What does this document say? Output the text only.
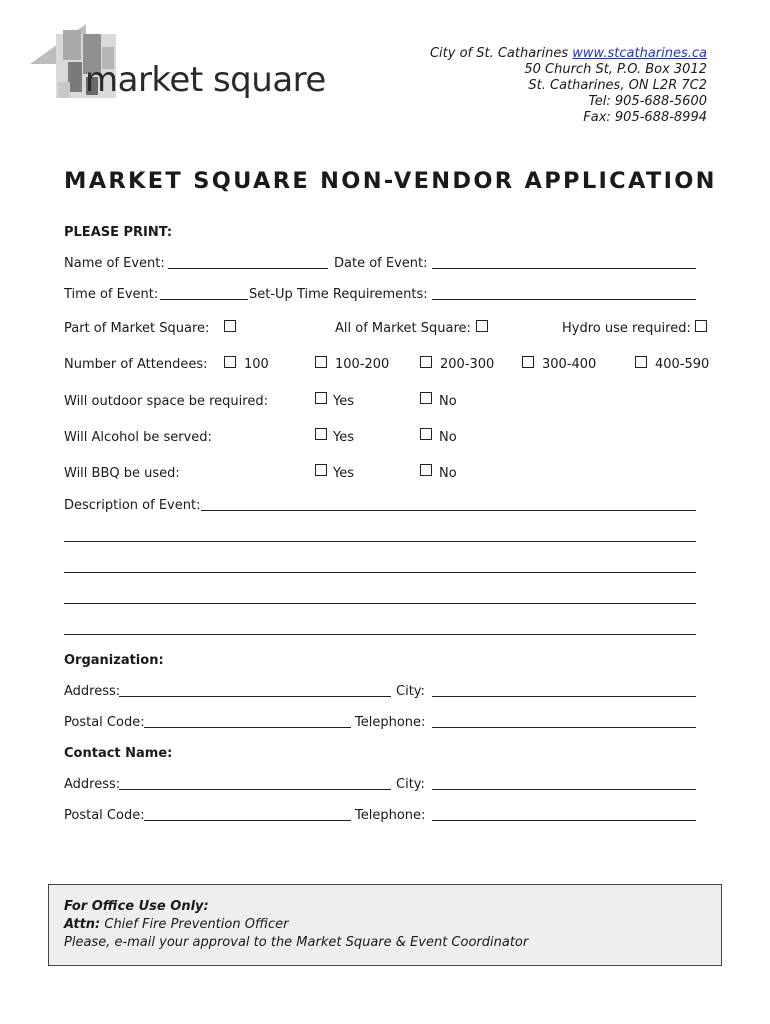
market square
City of St. Catharines www.stcatharines.ca
50 Church St, P.O. Box 3012
St. Catharines, ON L2R 7C2
Tel: 905-688-5600
Fax: 905-688-8994
MARKET SQUARE NON-VENDOR APPLICATION
PLEASE PRINT:
Name of Event:	Date of Event:
Time of Event:	Set-Up Time Requirements:
Part of Market Square:	All of Market Square:	Hydro use required:
Number of Attendees:	100	100-200	200-300	300-400	400-590
Will outdoor space be required:	Yes	No
Will Alcohol be served:	Yes	No
Will BBQ be used:	Yes	No
Description of Event:
Organization:
Address:	City:
Postal Code:	Telephone:
Contact Name:
Address:	City:
Postal Code:	Telephone:
For Office Use Only:
Attn: Chief Fire Prevention Officer
Please, e-mail your approval to the Market Square & Event Coordinator
